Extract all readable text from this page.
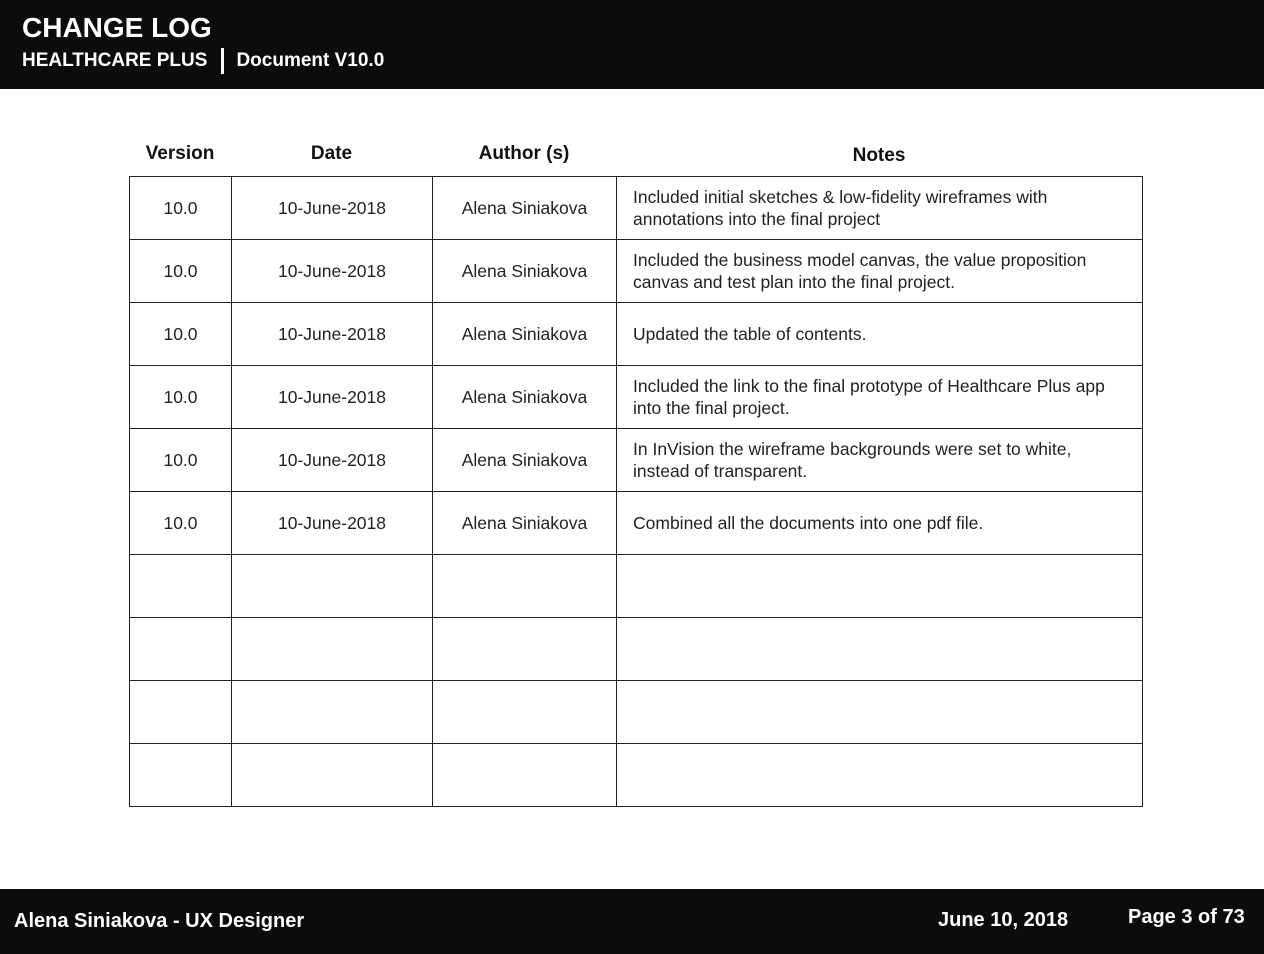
CHANGE LOG
HEALTHCARE PLUS Document V10.0
Version	Date	Author (s)	Notes
10.0	10-June-2018	Alena Siniakova	Included initial sketches & low-fidelity wireframes with annotations into the final project
10.0	10-June-2018	Alena Siniakova	Included the business model canvas, the value proposition canvas and test plan into the final project.
10.0	10-June-2018	Alena Siniakova	Updated the table of contents.
10.0	10-June-2018	Alena Siniakova	Included the link to the final prototype of Healthcare Plus app into the final project.
10.0	10-June-2018	Alena Siniakova	In InVision the wireframe backgrounds were set to white, instead of transparent.
10.0	10-June-2018	Alena Siniakova	Combined all the documents into one pdf file.

Alena Siniakova - UX Designer	June 10, 2018	Page 3 of 73
